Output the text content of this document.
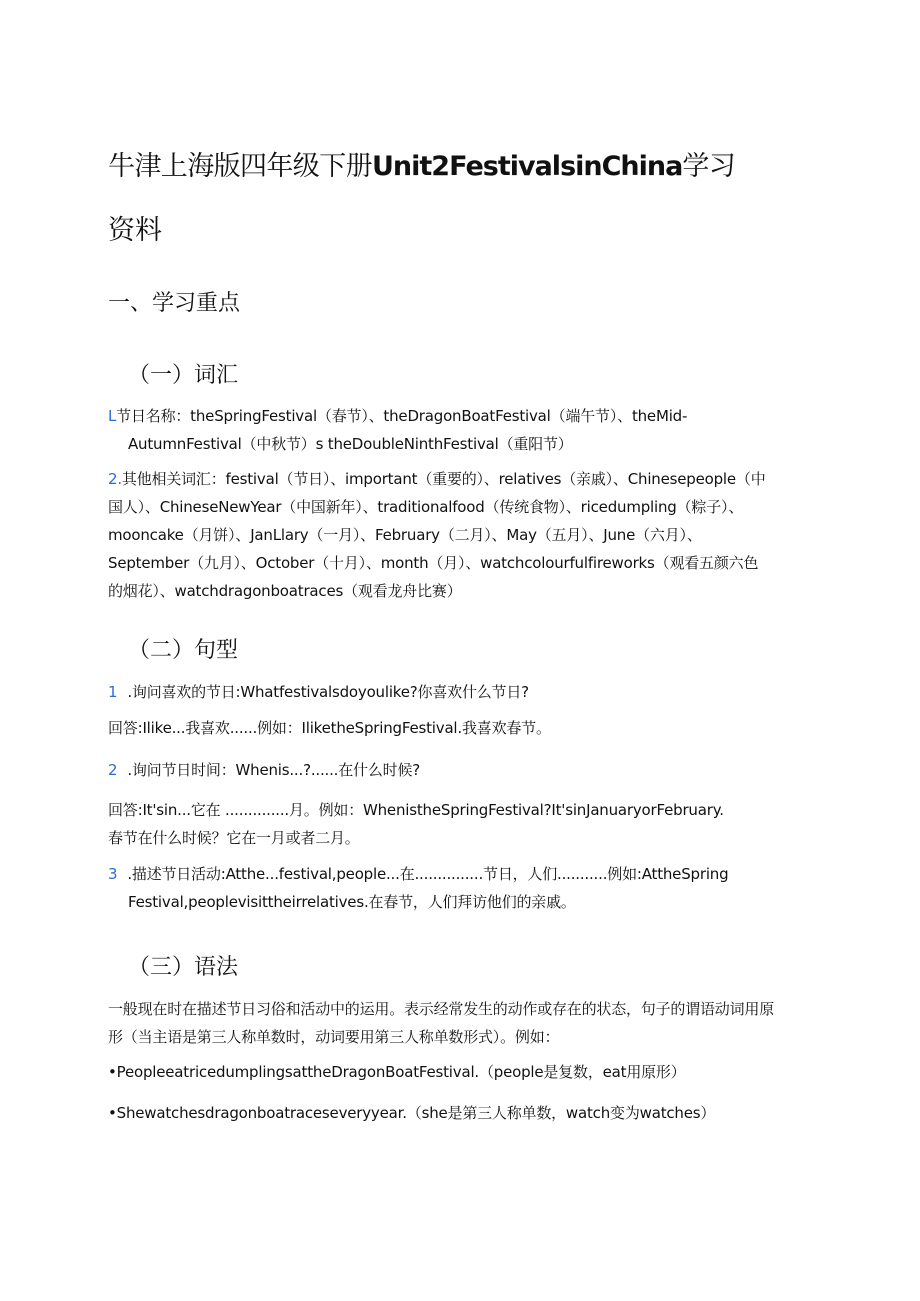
牛津上海版四年级下册Unit2FestivalsinChina学习
资料
一、学习重点
（一）词汇
L节日名称：theSpringFestival（春节）、theDragonBoatFestival（端午节）、theMid-
AutumnFestival（中秋节）s theDoubleNinthFestival（重阳节）
2.其他相关词汇：festival（节日）、important（重要的）、relatives（亲戚）、Chinesepeople（中
国人）、ChineseNewYear（中国新年）、traditionalfood（传统食物）、ricedumpling（粽子）、
mooncake（月饼）、JanLlary（一月）、February（二月）、May（五月）、June（六月）、
September（九月）、October（十月）、month（月）、watchcolourfulfireworks（观看五颜六色
的烟花）、watchdragonboatraces（观看龙舟比赛）
（二）句型
1 .询问喜欢的节日:Whatfestivalsdoyoulike?你喜欢什么节日?
回答:Ilike...我喜欢......例如：IliketheSpringFestival.我喜欢春节。
2 .询问节日时间：Whenis...?......在什么时候?
回答:It'sin...它在 ..............月。例如：WhenistheSpringFestival?It'sinJanuaryorFebruary.
春节在什么时候？它在一月或者二月。
3 .描述节日活动:Atthe...festival,people...在...............节日，人们...........例如:AttheSpring
Festival,peoplevisittheirrelatives.在春节，人们拜访他们的亲戚。
（三）语法
一般现在时在描述节日习俗和活动中的运用。表示经常发生的动作或存在的状态，句子的谓语动词用原
形（当主语是第三人称单数时，动词要用第三人称单数形式）。例如：
•PeopleeatricedumplingsattheDragonBoatFestival.（people是复数，eat用原形）
•Shewatchesdragonboatraceseveryyear.（she是第三人称单数，watch变为watches）
